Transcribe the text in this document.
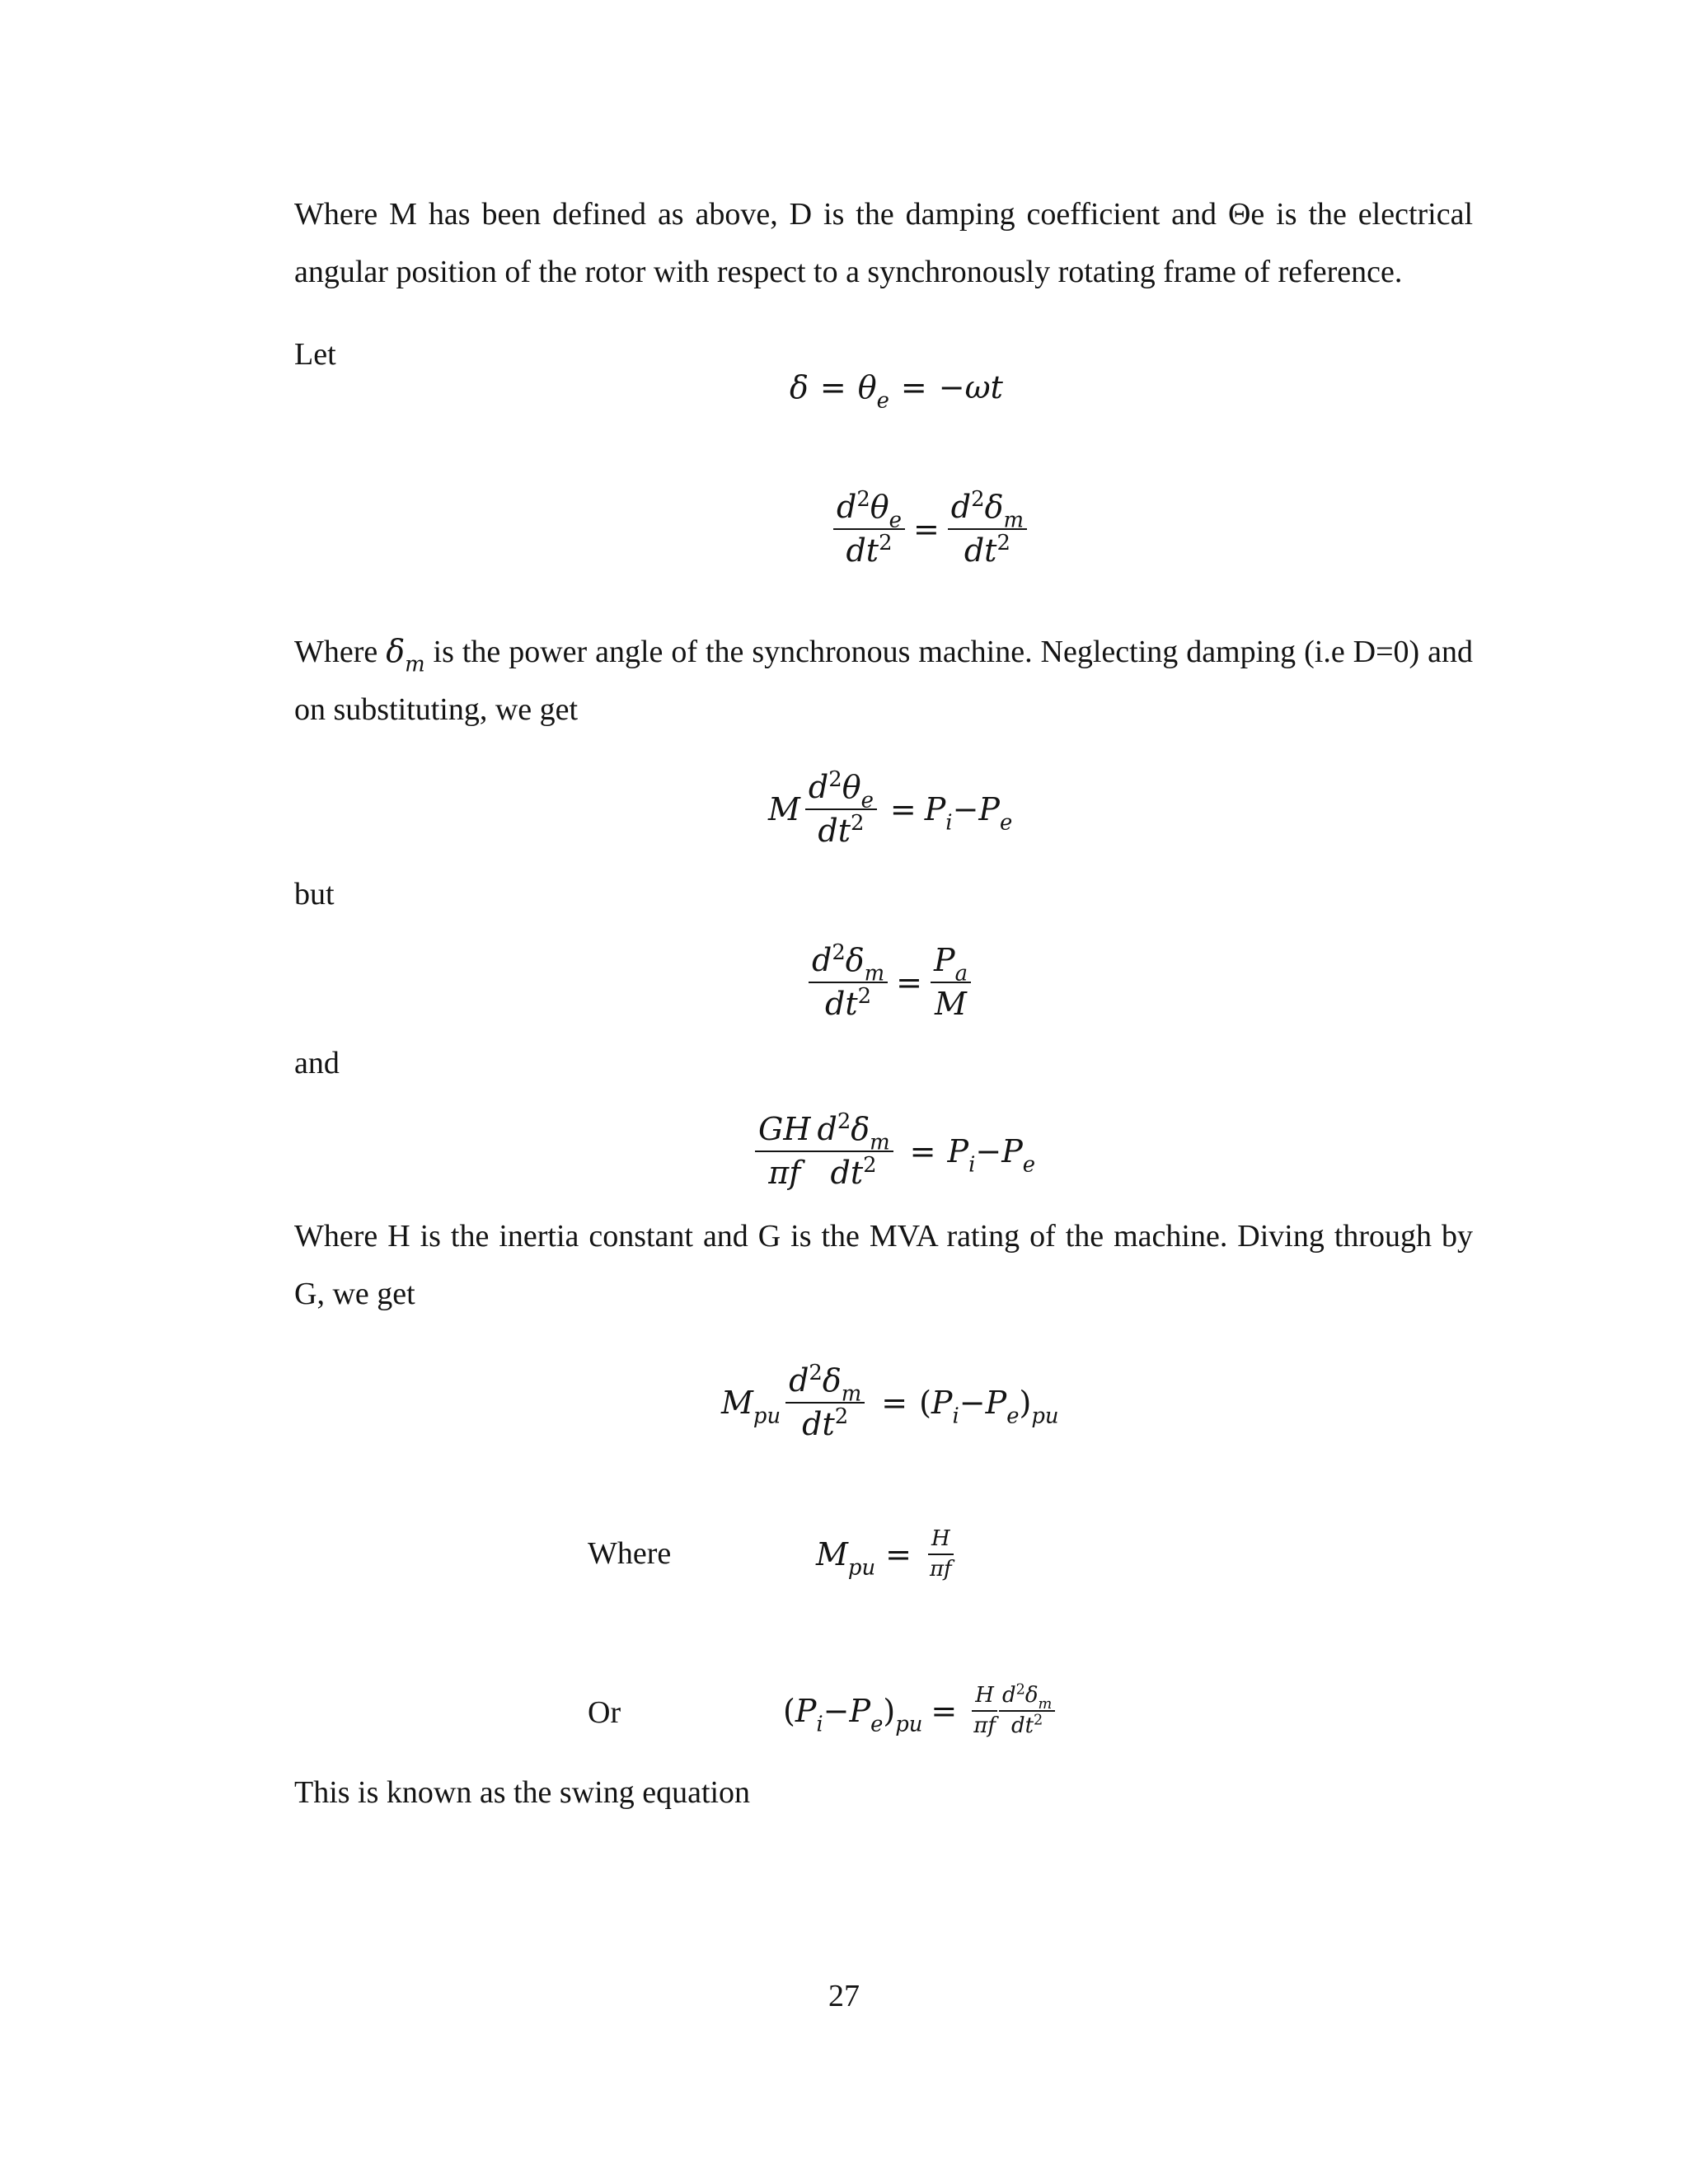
Where M has been defined as above, D is the damping coefficient and Θe is the electrical angular position of the rotor with respect to a synchronously rotating frame of reference.

Let
$\delta = \theta_e = -\omega t$
$\frac{d^2\theta_e}{dt^2} = \frac{d^2\delta_m}{dt^2}$

Where $\delta_m$ is the power angle of the synchronous machine. Neglecting damping (i.e D=0) and on substituting, we get

M $\frac{d^2\theta_e}{dt^2} = P_i-P_e$
but
$\frac{d^2\delta_m}{dt^2} = \frac{P_a}{M}$
and
$\frac{GH}{\pi f} \frac{d^2\delta_m}{dt^2} = P_i-P_e$

Where H is the inertia constant and G is the MVA rating of the machine. Diving through by G, we get

$M_{pu} \frac{d^2\delta_m}{dt^2} = (P_i-P_e)_{pu}$
Where	$M_{pu} = \frac{H}{\pi f}$
Or	$(P_i-P_e)_{pu} = \frac{H}{\pi f} \frac{d^2\delta_m}{dt^2}$
This is known as the swing equation
27
